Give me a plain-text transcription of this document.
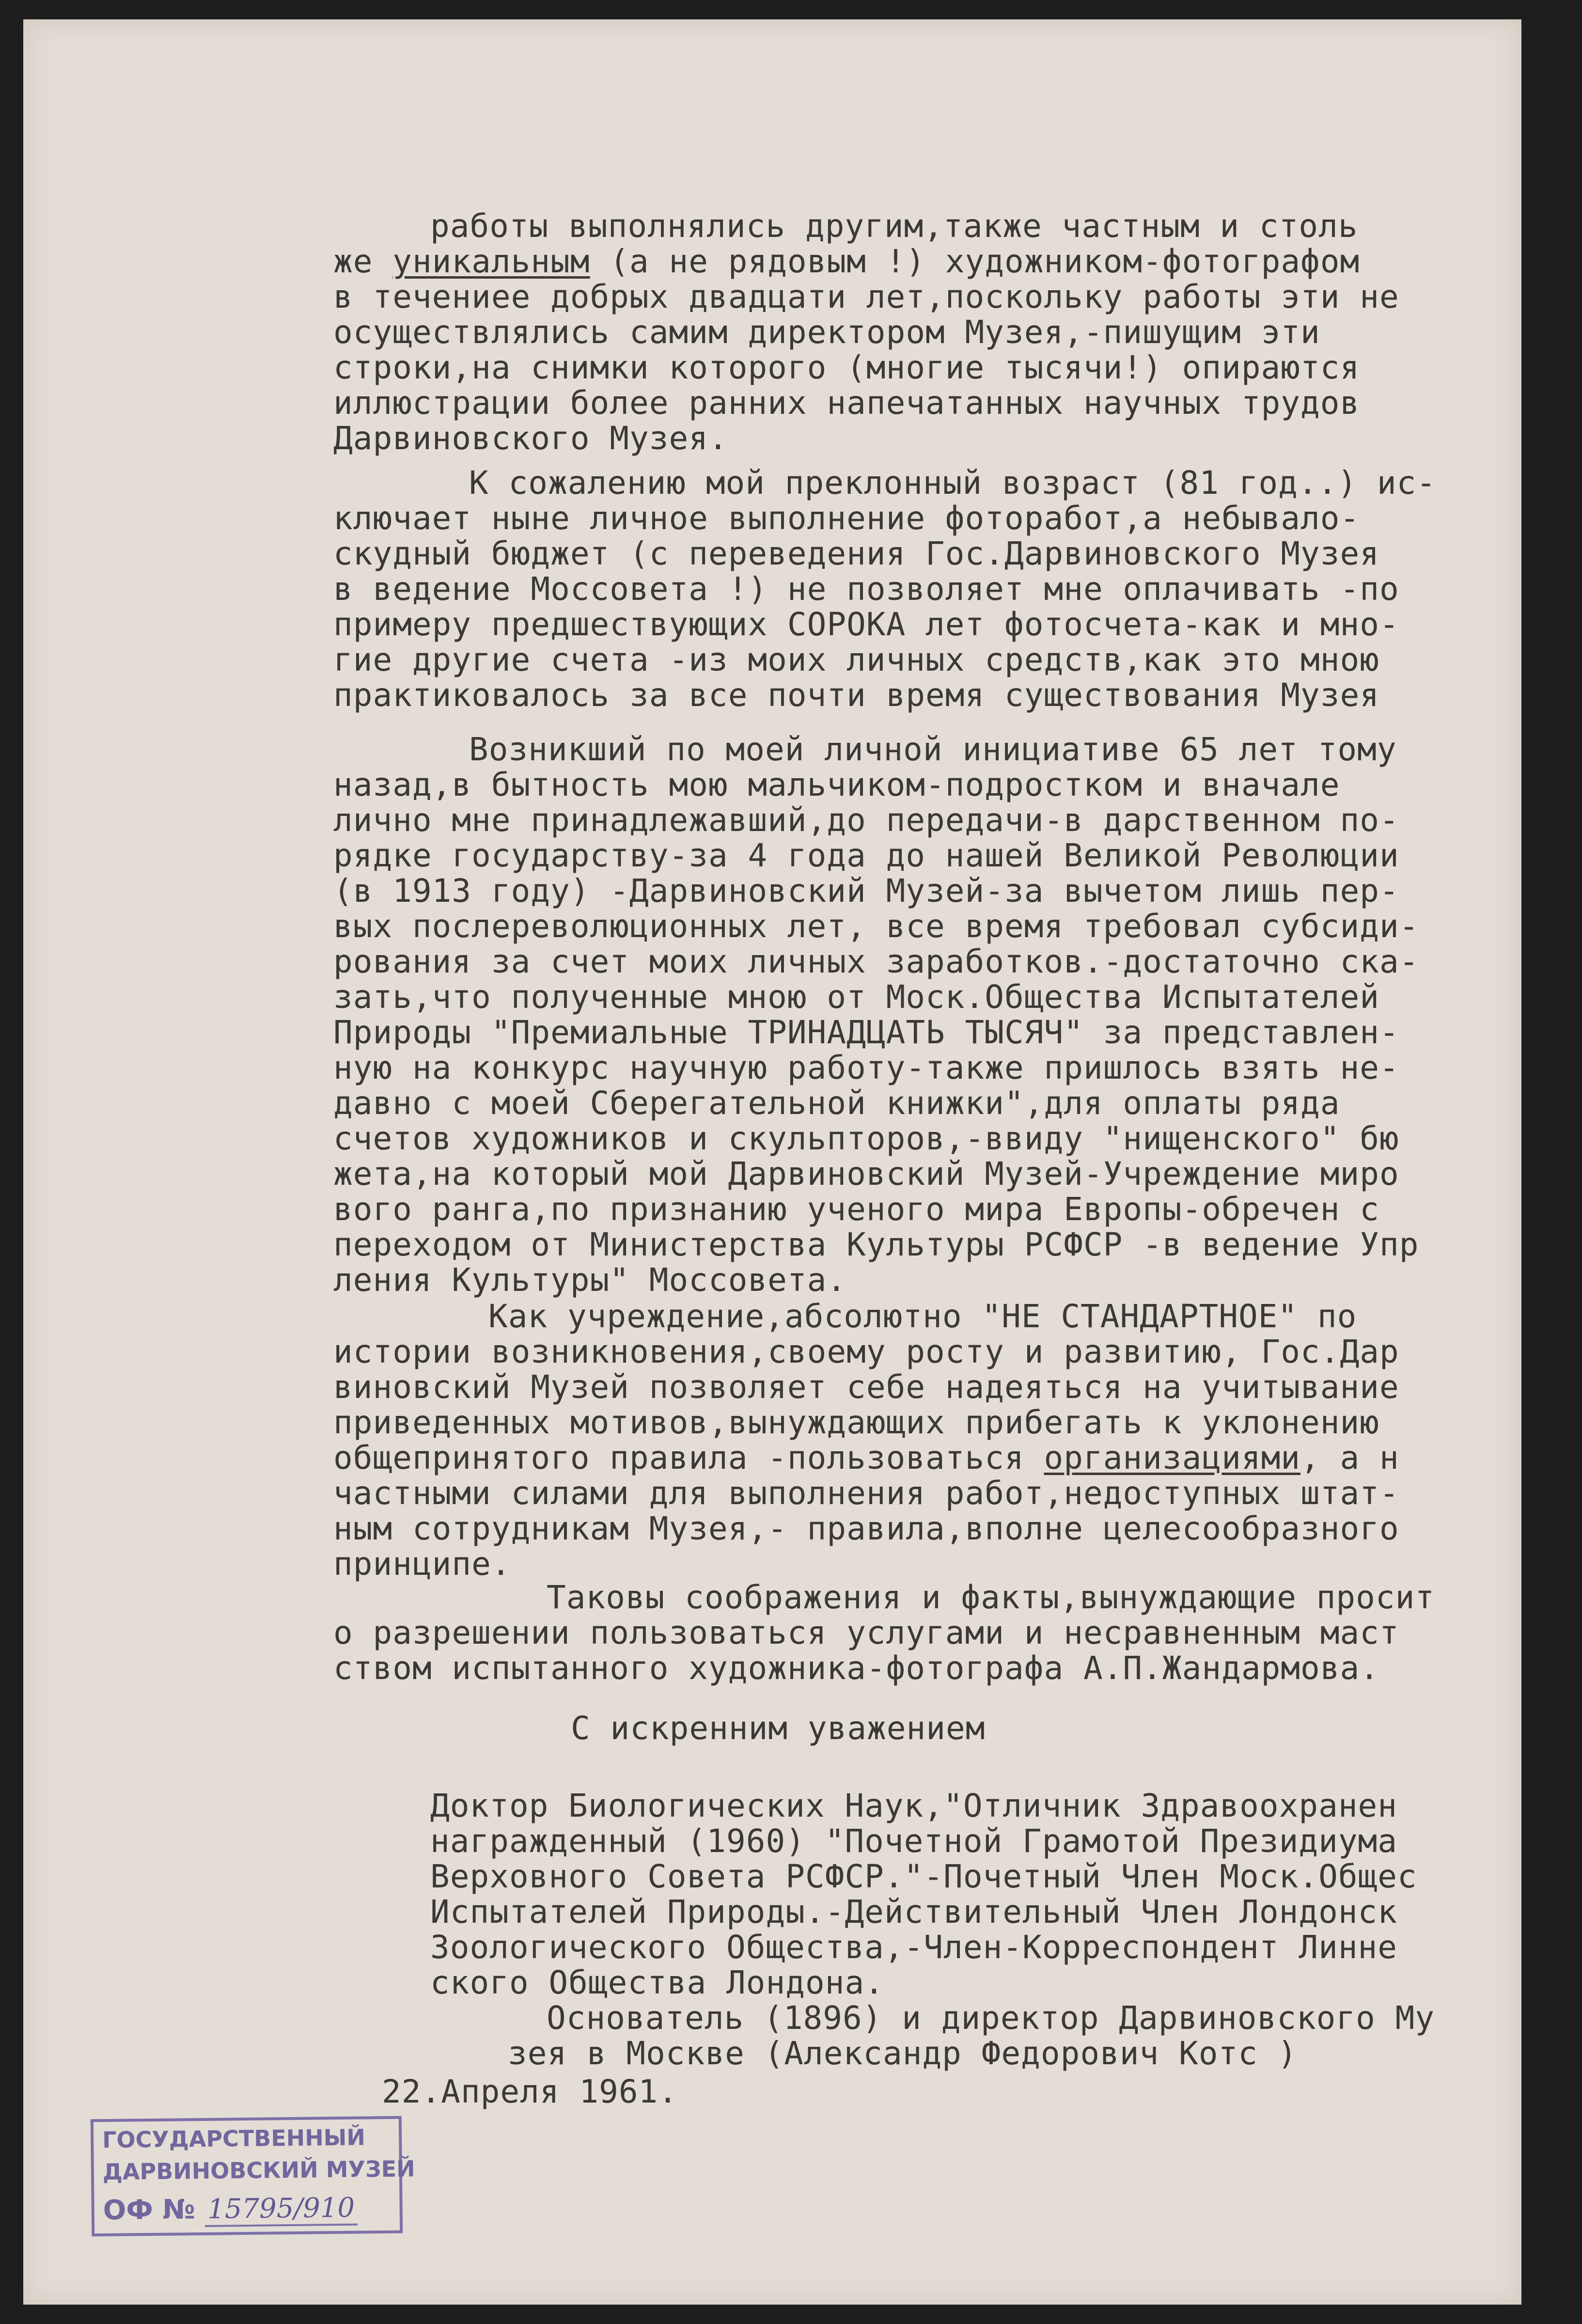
работы выполнялись другим,также частным и столь
же уникальным (а не рядовым !) художником-фотографом
в течениее добрых двадцати лет,поскольку работы эти не
осуществлялись самим директором Музея,-пишущим эти
строки,на снимки которого (многие тысячи!) опираются
иллюстрации более ранних напечатанных научных трудов
Дарвиновского Музея.
К сожалению мой преклонный возраст (81 год..) ис-
ключает ныне личное выполнение фоторабот,а небывало-
скудный бюджет (с переведения Гос.Дарвиновского Музея
в ведение Моссовета !) не позволяет мне оплачивать -по
примеру предшествующих СОРОКА лет фотосчета-как и мно-
гие другие счета -из моих личных средств,как это мною
практиковалось за все почти время существования Музея
Возникший по моей личной инициативе 65 лет тому
назад,в бытность мою мальчиком-подростком и вначале
лично мне принадлежавший,до передачи-в дарственном по-
рядке государству-за 4 года до нашей Великой Революции
(в 1913 году) -Дарвиновский Музей-за вычетом лишь пер-
вых послереволюционных лет, все время требовал субсиди-
рования за счет моих личных заработков.-достаточно ска-
зать,что полученные мною от Моск.Общества Испытателей
Природы "Премиальные ТРИНАДЦАТЬ ТЫСЯЧ" за представлен-
ную на конкурс научную работу-также пришлось взять не-
давно с моей Сберегательной книжки",для оплаты ряда
счетов художников и скульпторов,-ввиду "нищенского" бю
жета,на который мой Дарвиновский Музей-Учреждение миро
вого ранга,по признанию ученого мира Европы-обречен с
переходом от Министерства Культуры РСФСР -в ведение Упр
ления Культуры" Моссовета.
Как учреждение,абсолютно "НЕ СТАНДАРТНОЕ" по
истории возникновения,своему росту и развитию, Гос.Дар
виновский Музей позволяет себе надеяться на учитывание
приведенных мотивов,вынуждающих прибегать к уклонению
общепринятого правила -пользоваться организациями, а н
частными силами для выполнения работ,недоступных штат-
ным сотрудникам Музея,- правила,вполне целесообразного
принципе.
Таковы соображения и факты,вынуждающие просит
о разрешении пользоваться услугами и несравненным маст
ством испытанного художника-фотографа А.П.Жандармова.
С искренним уважением
Доктор Биологических Наук,"Отличник Здравоохранен
награжденный (1960) "Почетной Грамотой Президиума
Верховного Совета РСФСР."-Почетный Член Моск.Общес
Испытателей Природы.-Действительный Член Лондонск
Зоологического Общества,-Член-Корреспондент Линне
ского Общества Лондона.
Основатель (1896) и директор Дарвиновского Му
зея в Москве (Александр Федорович Котс )
22.Апреля 1961.
ГОСУДАРСТВЕННЫЙ
ДАРВИНОВСКИЙ МУЗЕЙ
ОФ № 15795/910
